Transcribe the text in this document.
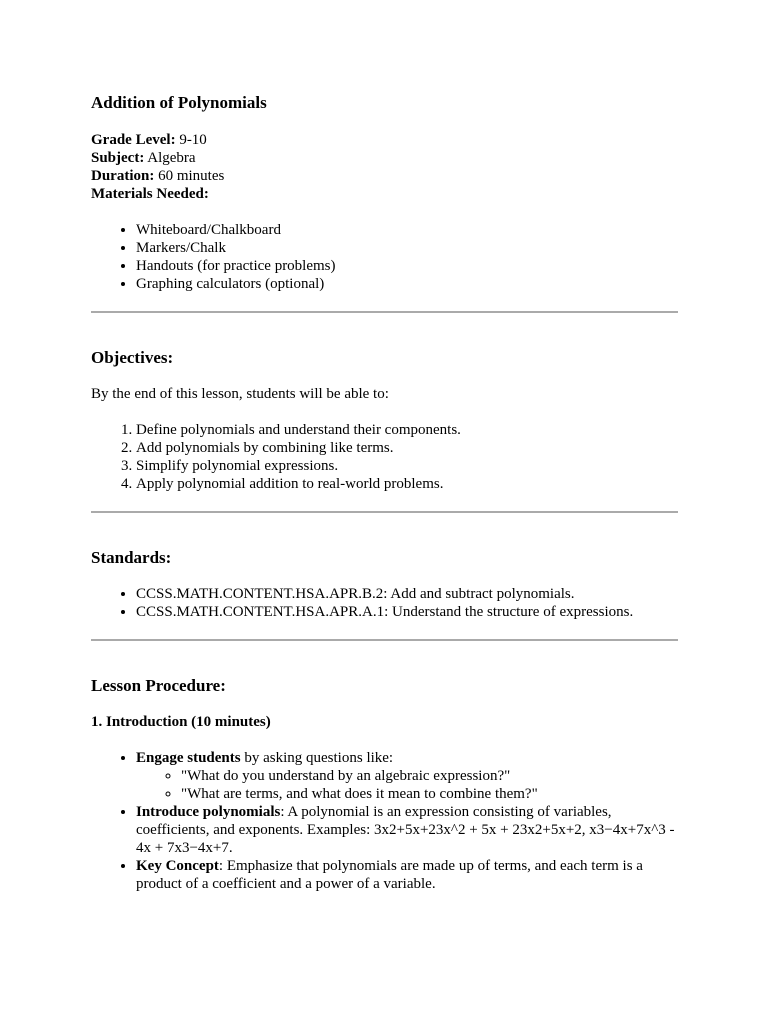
Addition of Polynomials

Grade Level: 9-10

Subject: Algebra

Duration: 60 minutes

Materials Needed:

• Whiteboard/Chalkboard
• Markers/Chalk
• Handouts (for practice problems)
• Graphing calculators (optional)
Objectives:

By the end of this lesson, students will be able to:

1. Define polynomials and understand their components.
2. Add polynomials by combining like terms.
3. Simplify polynomial expressions.
4. Apply polynomial addition to real-world problems.
Standards:
• CCSS.MATH.CONTENT.HSA.APR.B.2: Add and subtract polynomials.
• CCSS.MATH.CONTENT.HSA.APR.A.1: Understand the structure of expressions.
Lesson Procedure:
1. Introduction (10 minutes)
• Engage students by asking questions like:
◦ "What do you understand by an algebraic expression?"
◦ "What are terms, and what does it mean to combine them?"
• Introduce polynomials: A polynomial is an expression consisting of variables, coefficients, and exponents. Examples: 3x2+5x+23x^2 + 5x + 23x2+5x+2, x3−4x+7x^3 - 4x + 7x3−4x+7.
• Key Concept: Emphasize that polynomials are made up of terms, and each term is a product of a coefficient and a power of a variable.
